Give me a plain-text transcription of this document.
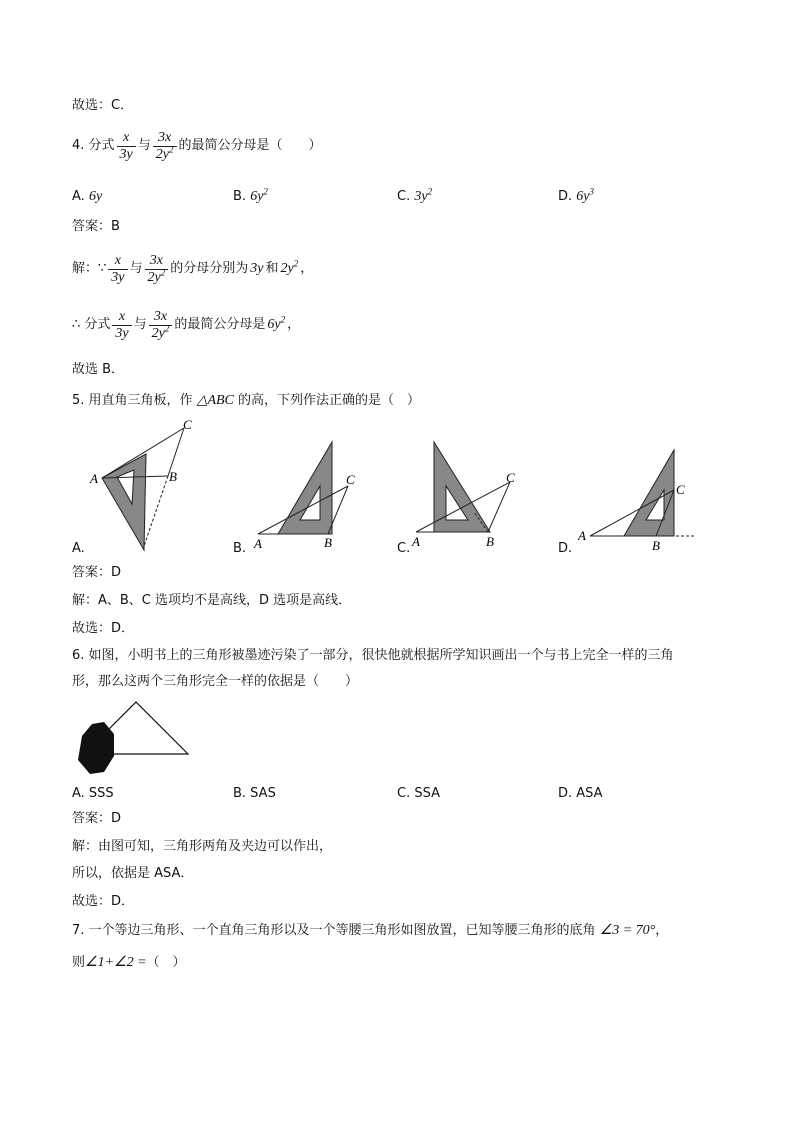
故选：C．
4. 分式 $\frac{x}{3y}$ 与 $\frac{3x}{2y^2}$ 的最简公分母是（　　）
A. 6y	B. $6y^2$	C. $3y^2$	D. $6y^3$
答案：B
解：∵ $\frac{x}{3y}$ 与 $\frac{3x}{2y^2}$ 的分母分别为 3y 和 $2y^2$ ，
∴ 分式 $\frac{x}{3y}$ 与 $\frac{3x}{2y^2}$ 的最简公分母是 $6y^2$ ，
故选 B．
5. 用直角三角板，作 △ABC 的高，下列作法正确的是（　）
A	B
C
A.	A	B
C
B.	A	B
C
C.
A
B
C
D.
答案：D
解：A、B、C 选项均不是高线，D 选项是高线．
故选：D．
6. 如图，小明书上的三角形被墨迹污染了一部分，很快他就根据所学知识画出一个与书上完全一样的三角
形，那么这两个三角形完全一样的依据是（　　）
A. SSS	B. SAS	C. SSA	D. ASA
答案：D
解：由图可知，三角形两角及夹边可以作出，
所以，依据是 ASA．
故选：D．
7. 一个等边三角形、一个直角三角形以及一个等腰三角形如图放置，已知等腰三角形的底角 ∠3 = 70°，
则∠1+∠2 =（　）
